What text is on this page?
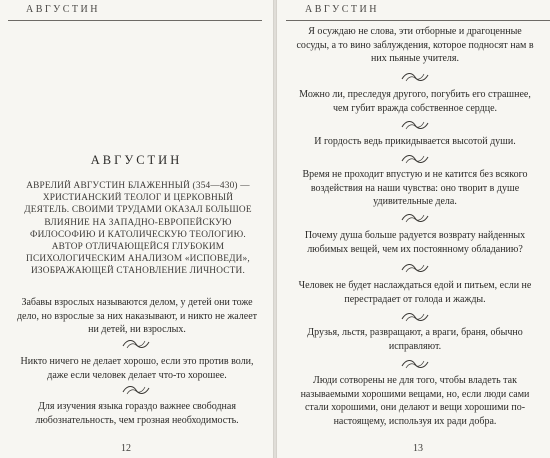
АВГУСТИН
АВГУСТИН
АВРЕЛИЙ АВГУСТИН БЛАЖЕННЫЙ (354—430) — ХРИСТИАНСКИЙ ТЕОЛОГ И ЦЕРКОВНЫЙ ДЕЯТЕЛЬ. СВОИМИ ТРУДАМИ ОКАЗАЛ БОЛЬШОЕ ВЛИЯНИЕ НА ЗАПАДНО-ЕВРОПЕЙСКУЮ ФИЛОСОФИЮ И КАТОЛИЧЕСКУЮ ТЕОЛОГИЮ. АВТОР ОТЛИЧАЮЩЕЙСЯ ГЛУБОКИМ ПСИХОЛОГИЧЕСКИМ АНАЛИЗОМ «ИСПОВЕДИ», ИЗОБРАЖАЮЩЕЙ СТАНОВЛЕНИЕ ЛИЧНОСТИ.
Забавы взрослых называются делом, у детей они тоже дело, но взрослые за них наказывают, и никто не жалеет ни детей, ни взрослых.
Никто ничего не делает хорошо, если это против воли, даже если человек делает что-то хорошее.
Для изучения языка гораздо важнее свободная любознательность, чем грозная необходимость.
12
АВГУСТИН
Я осуждаю не слова, эти отборные и драгоценные сосуды, а то вино заблуждения, которое подносят нам в них пьяные учителя.
Можно ли, преследуя другого, погубить его страшнее, чем губит вражда собственное сердце.
И гордость ведь прикидывается высотой души.
Время не проходит впустую и не катится без всякого воздействия на наши чувства: оно творит в душе удивительные дела.
Почему душа больше радуется возврату найденных любимых вещей, чем их постоянному обладанию?
Человек не будет наслаждаться едой и питьем, если не перестрадает от голода и жажды.
Друзья, льстя, развращают, а враги, браня, обычно исправляют.
Люди сотворены не для того, чтобы владеть так называемыми хорошими вещами, но, если люди сами стали хорошими, они делают и вещи хорошими по-настоящему, используя их ради добра.
13
